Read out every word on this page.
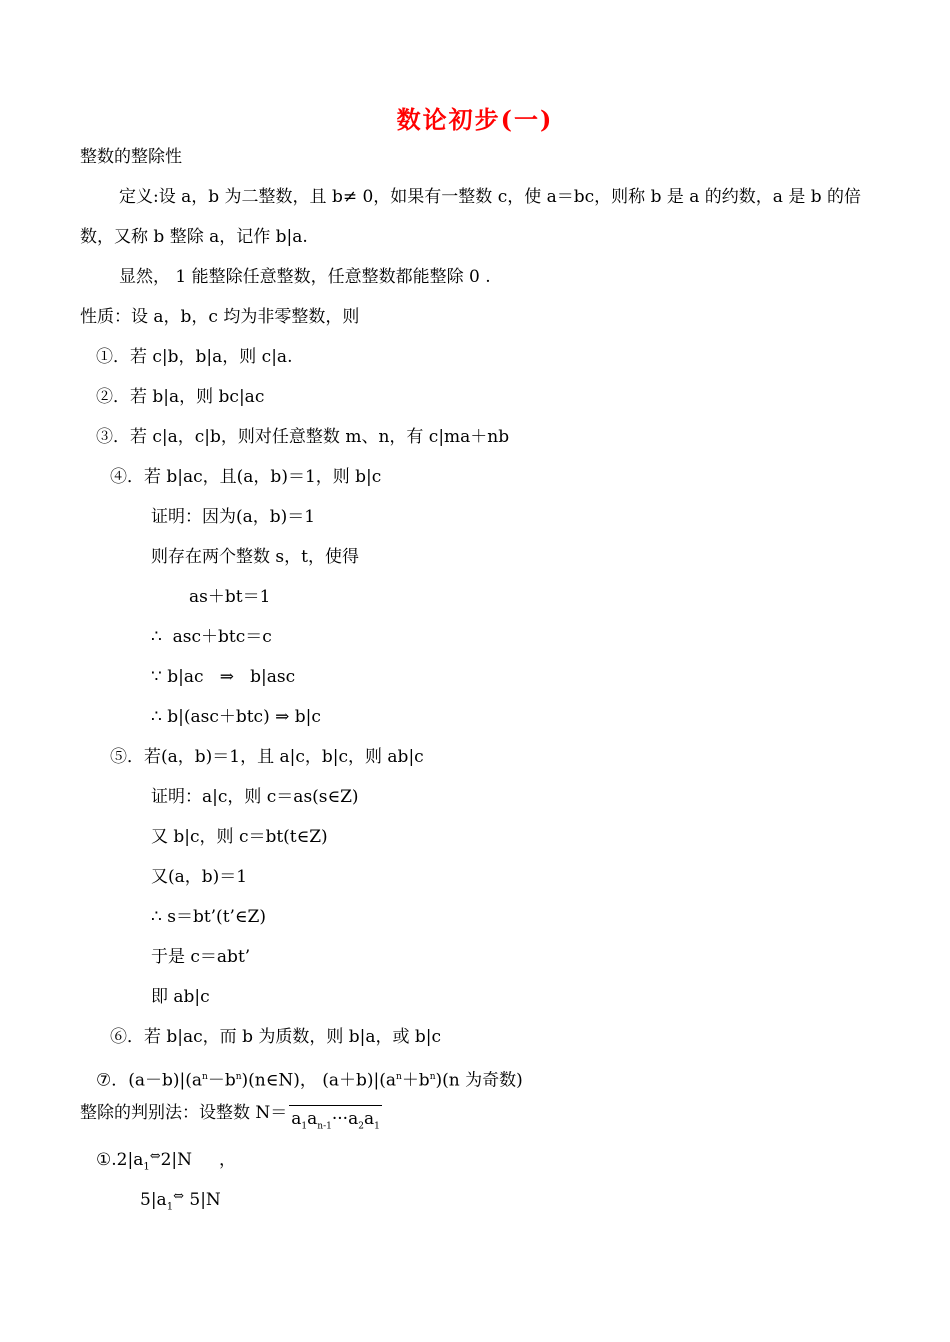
数论初步(一)
整数的整除性
定义:设 a，b 为二整数，且 b≠ 0，如果有一整数 c，使 a＝bc，则称 b 是 a 的约数，a 是 b 的倍
数，又称 b 整除 a，记作 b|a.
显然， 1 能整除任意整数，任意整数都能整除 0 .
性质：设 a，b，c 均为非零整数，则
①．若 c|b，b|a，则 c|a.
②．若 b|a，则 bc|ac
③．若 c|a，c|b，则对任意整数 m、n，有 c|ma＋nb
④．若 b|ac，且(a，b)＝1，则 b|c
证明：因为(a，b)＝1
则存在两个整数 s，t，使得
as＋bt＝1
∴  asc＋btc＝c
∵ b|ac   ⇒   b|asc
∴ b|(asc＋btc) ⇒ b|c
⑤．若(a，b)＝1，且 a|c，b|c，则 ab|c
证明：a|c，则 c＝as(s∈Z)
又 b|c，则 c＝bt(t∈Z)
又(a，b)＝1
∴ s＝bt’(t’∈Z)
于是 c＝abt’
即 ab|c
⑥．若 b|ac，而 b 为质数，则 b|a，或 b|c
⑦．$(a-b)|(a^n-b^n)(n\in N)$， $(a+b)|(a^n+b^n)(n$ 为奇数)
整除的判别法：设整数 $N= a_1a_{n-1}\cdot\cdot\cdot a_2a_1$
$①.2|a_1^\Leftrightarrow 2|N$     ，
$5|a_1^\Leftrightarrow$ 5|N
